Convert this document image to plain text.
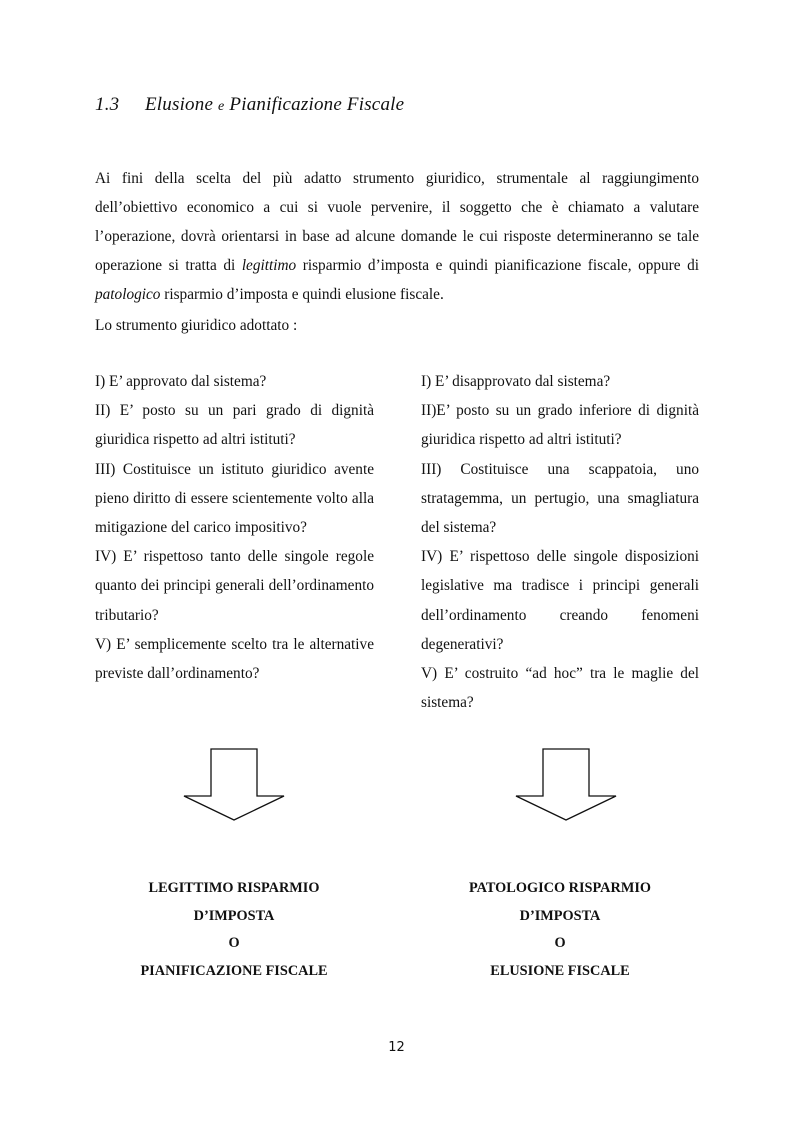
1.3 Elusione e Pianificazione Fiscale

Ai fini della scelta del più adatto strumento giuridico, strumentale al raggiungimento dell’obiettivo economico a cui si vuole pervenire, il soggetto che è chiamato a valutare l’operazione, dovrà orientarsi in base ad alcune domande le cui risposte determineranno se tale operazione si tratta di legittimo risparmio d’imposta e quindi pianificazione fiscale, oppure di patologico risparmio d’imposta e quindi elusione fiscale.

Lo strumento giuridico adottato :
I) E’ approvato dal sistema?
II) E’ posto su un pari grado di dignità giuridica rispetto ad altri istituti?
III) Costituisce un istituto giuridico avente pieno diritto di essere scientemente volto alla mitigazione del carico impositivo?
IV) E’ rispettoso tanto delle singole regole quanto dei principi generali dell’ordinamento tributario?
V) E’ semplicemente scelto tra le alternative previste dall’ordinamento?
I) E’ disapprovato dal sistema?
II)E’ posto su un grado inferiore di dignità giuridica rispetto ad altri istituti?
III) Costituisce una scappatoia, uno stratagemma, un pertugio, una smagliatura del sistema?
IV) E’ rispettoso delle singole disposizioni legislative ma tradisce i principi generali dell’ordinamento creando fenomeni degenerativi?
V) E’ costruito “ad hoc” tra le maglie del sistema?
LEGITTIMO RISPARMIO
D’IMPOSTA
O
PIANIFICAZIONE FISCALE
PATOLOGICO RISPARMIO
D’IMPOSTA
O
ELUSIONE FISCALE
12
